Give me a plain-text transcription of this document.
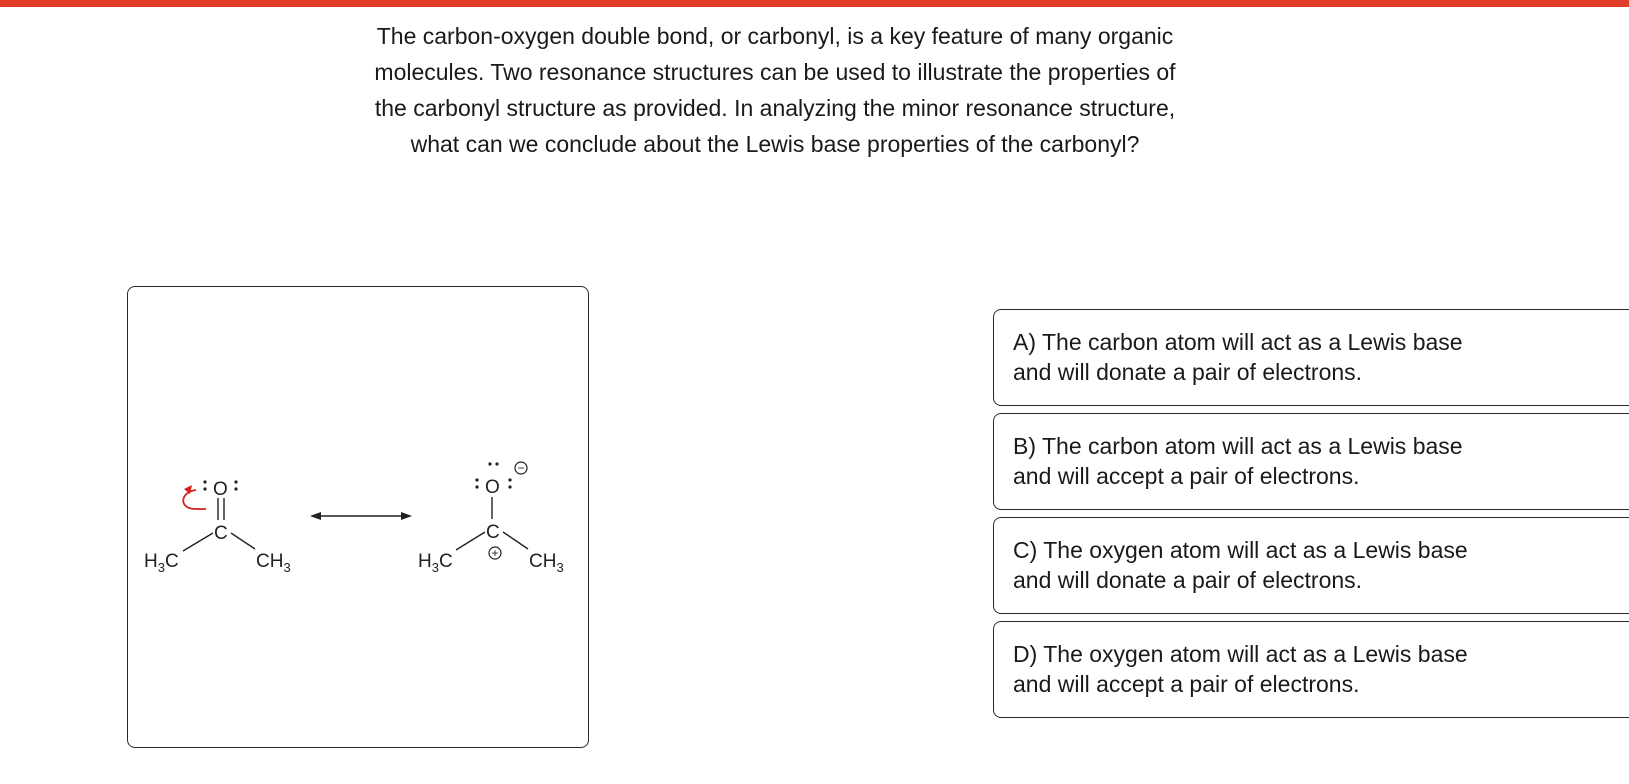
The carbon-oxygen double bond, or carbonyl, is a key feature of many organic
molecules. Two resonance structures can be used to illustrate the properties of
the carbonyl structure as provided. In analyzing the minor resonance structure,
what can we conclude about the Lewis base properties of the carbonyl?
O
C
$H_3C$	$CH_3$
O
−
C
+
$H_3C$	$CH_3$
A) The carbon atom will act as a Lewis base
and will donate a pair of electrons.
B) The carbon atom will act as a Lewis base
and will accept a pair of electrons.
C) The oxygen atom will act as a Lewis base
and will donate a pair of electrons.
D) The oxygen atom will act as a Lewis base
and will accept a pair of electrons.
